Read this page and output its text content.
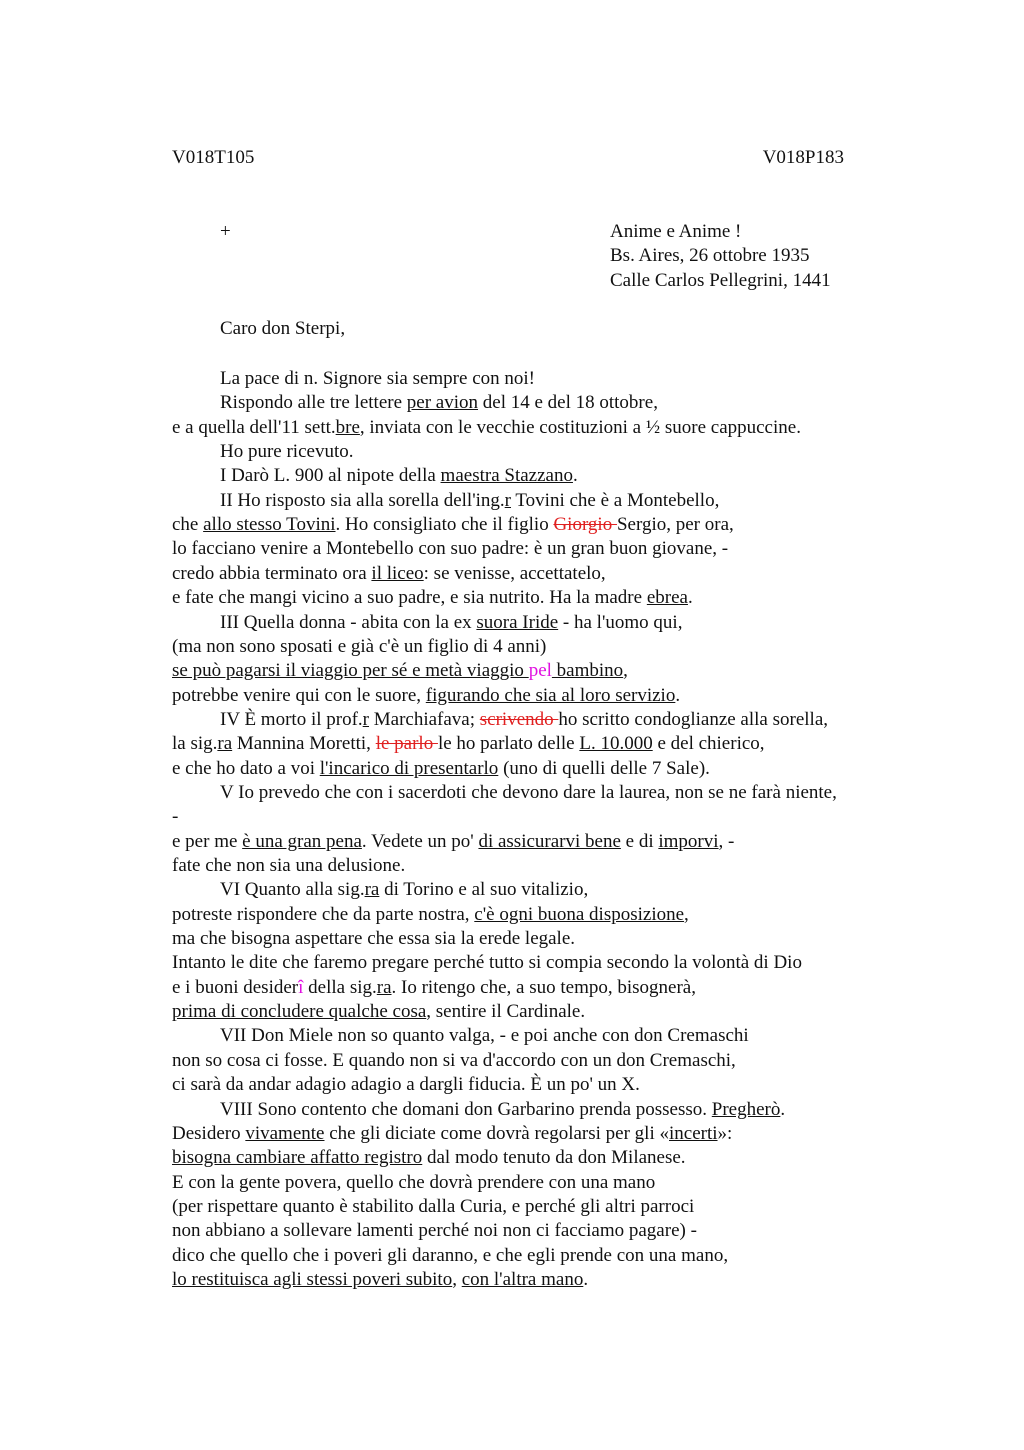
V018T105	V018P183
+	Anime e Anime !
Bs. Aires, 26 ottobre 1935
Calle Carlos Pellegrini, 1441
Caro don Sterpi,
La pace di n. Signore sia sempre con noi!
Rispondo alle tre lettere per avion del 14 e del 18 ottobre,
e a quella dell'11 sett.bre, inviata con le vecchie costituzioni a ½ suore cappuccine.
Ho pure ricevuto.
I Darò L. 900 al nipote della maestra Stazzano.
II Ho risposto sia alla sorella dell'ing.r Tovini che è a Montebello,
che allo stesso Tovini. Ho consigliato che il figlio Giorgio Sergio, per ora,
lo facciano venire a Montebello con suo padre: è un gran buon giovane, -
credo abbia terminato ora il liceo: se venisse, accettatelo,
e fate che mangi vicino a suo padre, e sia nutrito. Ha la madre ebrea.
III Quella donna - abita con la ex suora Iride - ha l'uomo qui,
(ma non sono sposati e già c'è un figlio di 4 anni)
se può pagarsi il viaggio per sé e metà viaggio pel bambino,
potrebbe venire qui con le suore, figurando che sia al loro servizio.
IV È morto il prof.r Marchiafava; scrivendo ho scritto condoglianze alla sorella,
la sig.ra Mannina Moretti, le parlo le ho parlato delle L. 10.000 e del chierico,
e che ho dato a voi l'incarico di presentarlo (uno di quelli delle 7 Sale).
V Io prevedo che con i sacerdoti che devono dare la laurea, non se ne farà niente,
-
e per me è una gran pena. Vedete un po' di assicurarvi bene e di imporvi, -
fate che non sia una delusione.
VI Quanto alla sig.ra di Torino e al suo vitalizio,
potreste rispondere che da parte nostra, c'è ogni buona disposizione,
ma che bisogna aspettare che essa sia la erede legale.
Intanto le dite che faremo pregare perché tutto si compia secondo la volontà di Dio
e i buoni desiderî della sig.ra. Io ritengo che, a suo tempo, bisognerà,
prima di concludere qualche cosa, sentire il Cardinale.
VII Don Miele non so quanto valga, - e poi anche con don Cremaschi
non so cosa ci fosse. E quando non si va d'accordo con un don Cremaschi,
ci sarà da andar adagio adagio a dargli fiducia. È un po' un X.
VIII Sono contento che domani don Garbarino prenda possesso. Pregherò.
Desidero vivamente che gli diciate come dovrà regolarsi per gli «incerti»:
bisogna cambiare affatto registro dal modo tenuto da don Milanese.
E con la gente povera, quello che dovrà prendere con una mano
(per rispettare quanto è stabilito dalla Curia, e perché gli altri parroci
non abbiano a sollevare lamenti perché noi non ci facciamo pagare) -
dico che quello che i poveri gli daranno, e che egli prende con una mano,
lo restituisca agli stessi poveri subito, con l'altra mano.
